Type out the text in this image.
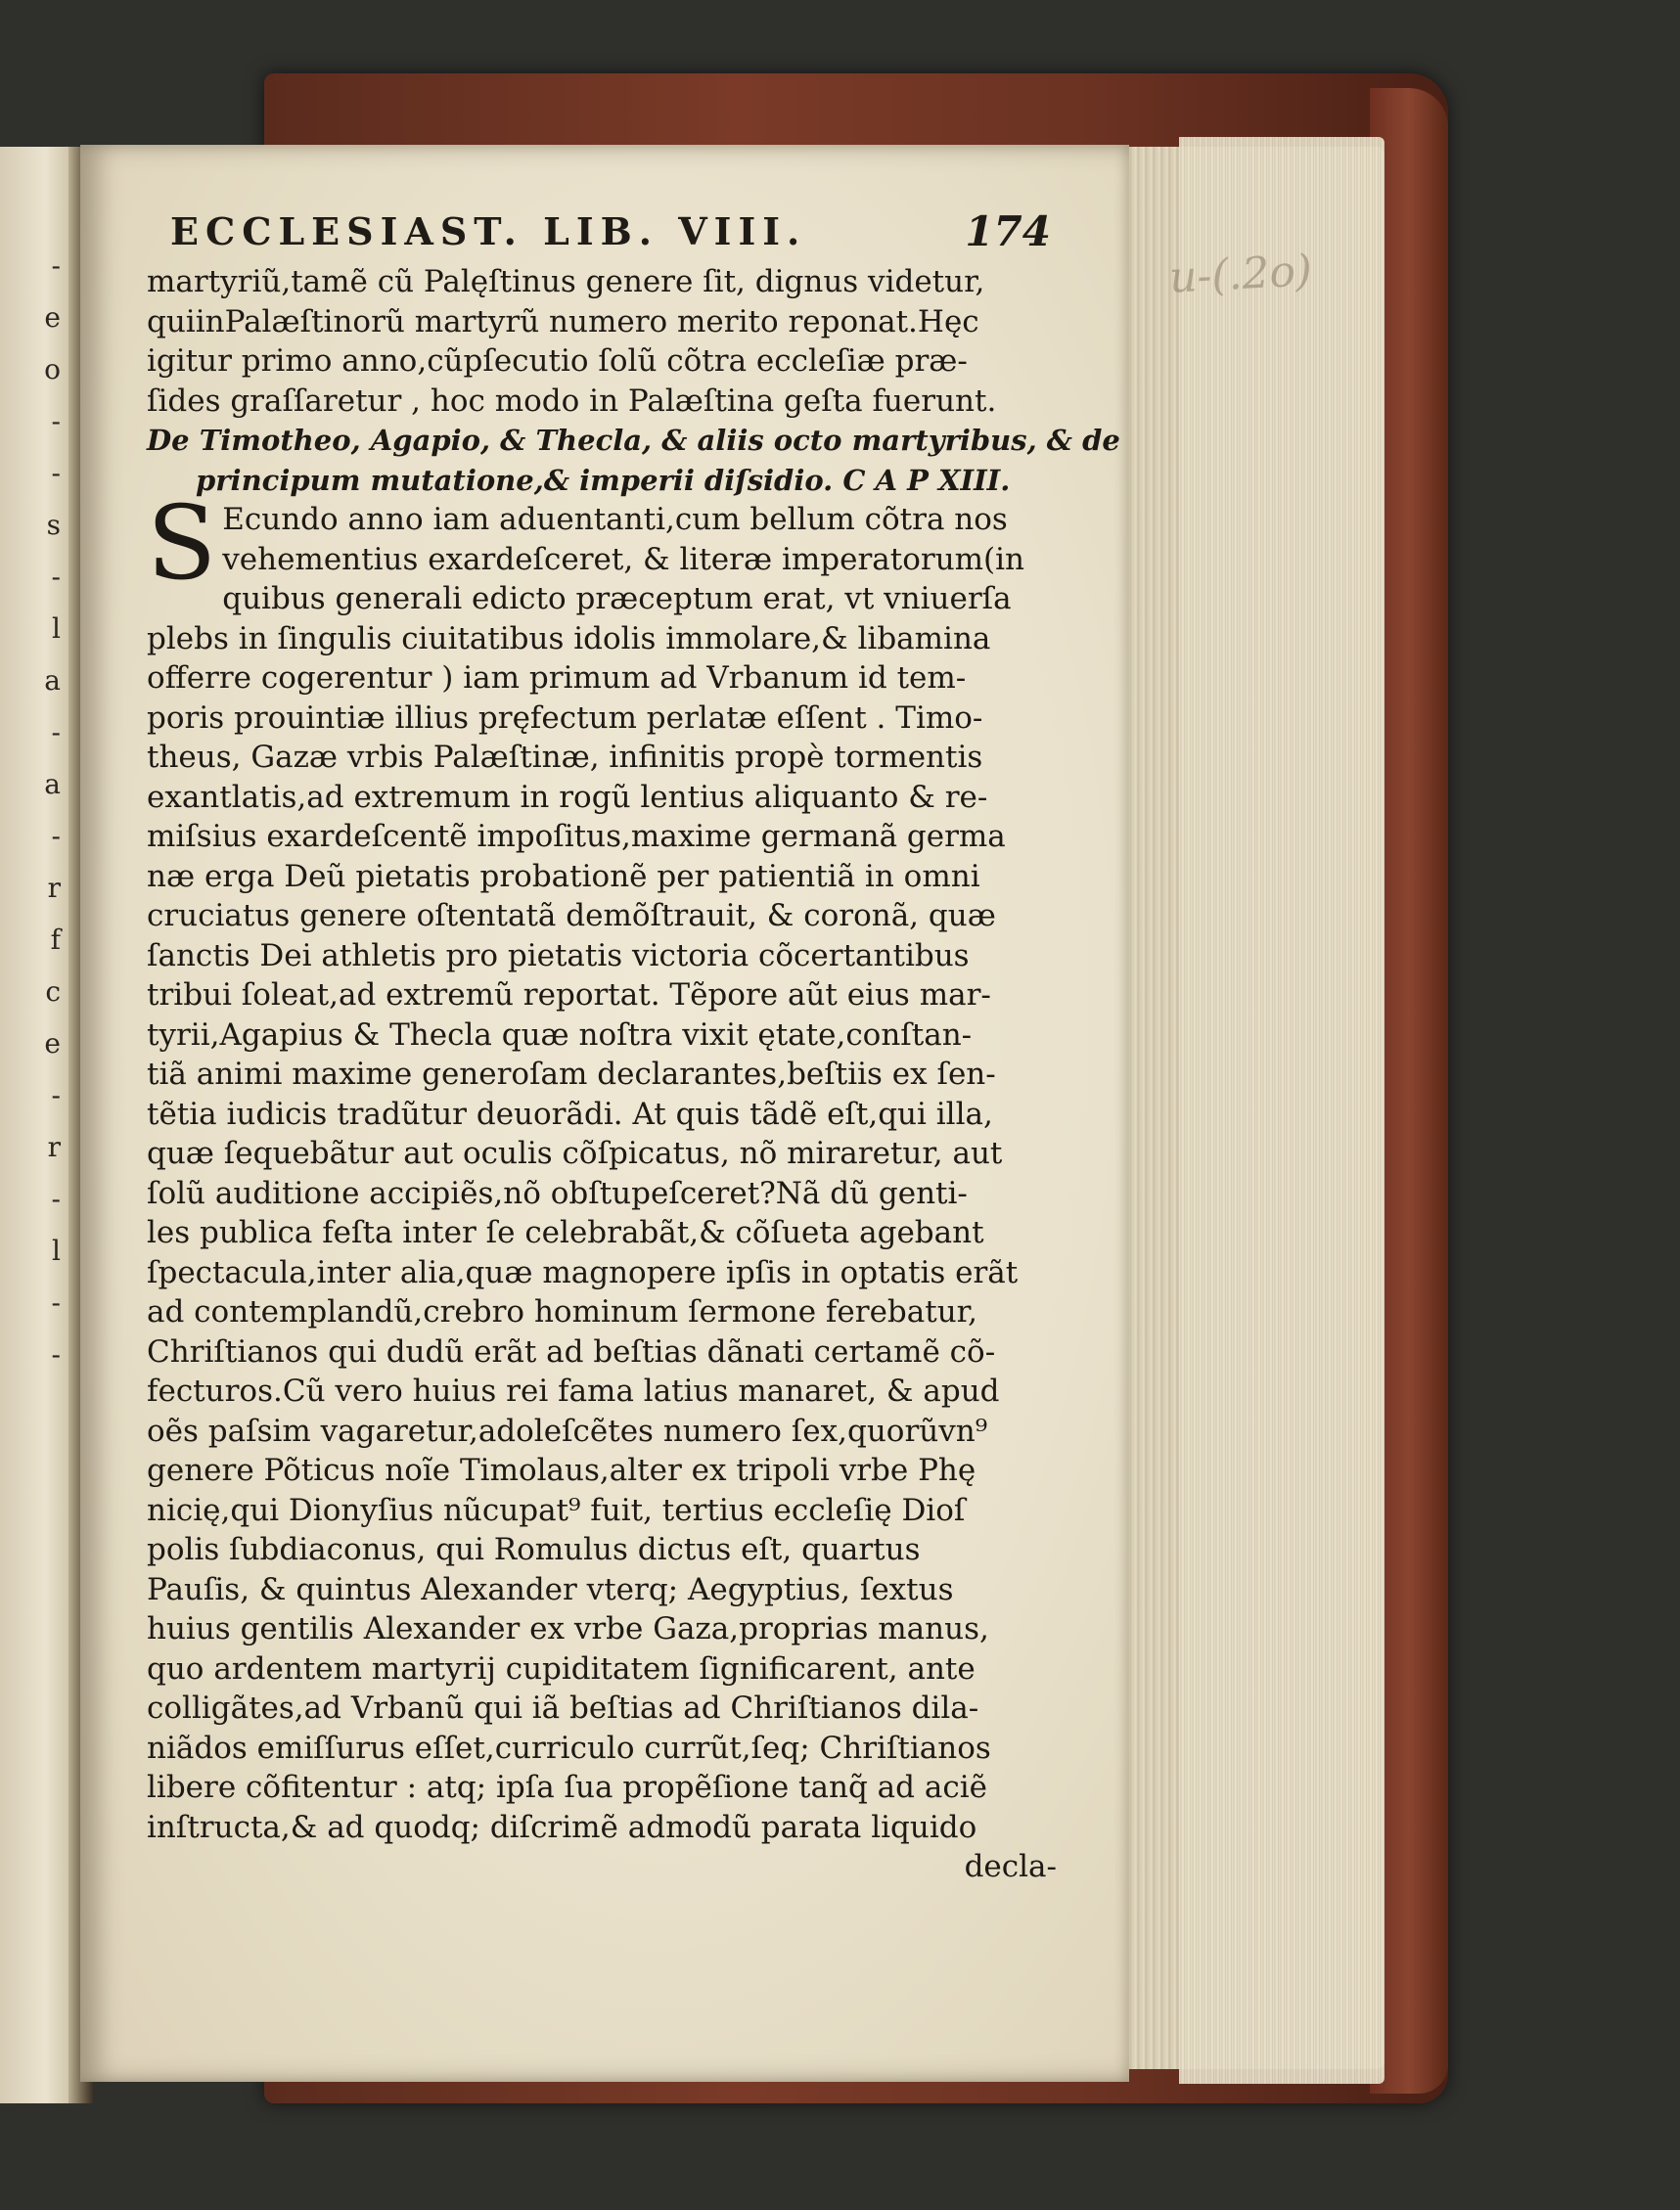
-
e
o
-
-
s
-
l
a
-
a
-
r
f
c
e
-
r
-
l
-
-
u-(.2o)
ECCLESIAST. LIB. VIII.	174
martyriũ,tamẽ cũ Palęſtinus genere ſit, dignus videtur,
quiinPalæſtinorũ martyrũ numero merito reponat.Hęc
igitur primo anno,cũpſecutio ſolũ cõtra eccleſiæ præ-
ſides graſſaretur , hoc modo in Palæſtina geſta fuerunt.
De Timotheo, Agapio, & Thecla, & aliis octo martyribus, & de
principum mutatione,& imperii diſsidio. C A P XIII.
S Ecundo anno iam aduentanti,cum bellum cõtra nos
vehementius exardeſceret, & literæ imperatorum(in
quibus generali edicto præceptum erat, vt vniuerſa
plebs in ſingulis ciuitatibus idolis immolare,& libamina
offerre cogerentur ) iam primum ad Vrbanum id tem-
poris prouintiæ illius pręfectum perlatæ eſſent . Timo-
theus, Gazæ vrbis Palæſtinæ, infinitis propè tormentis
exantlatis,ad extremum in rogũ lentius aliquanto & re-
miſsius exardeſcentẽ impoſitus,maxime germanã germa
næ erga Deũ pietatis probationẽ per patientiã in omni
cruciatus genere oſtentatã demõſtrauit, & coronã, quæ
ſanctis Dei athletis pro pietatis victoria cõcertantibus
tribui ſoleat,ad extremũ reportat. Tẽpore aũt eius mar-
tyrii,Agapius & Thecla quæ noſtra vixit ętate,conſtan-
tiã animi maxime generoſam declarantes,beſtiis ex ſen-
tẽtia iudicis tradũtur deuorãdi. At quis tãdẽ eſt,qui illa,
quæ ſequebãtur aut oculis cõſpicatus, nõ miraretur, aut
ſolũ auditione accipiẽs,nõ obſtupeſceret?Nã dũ genti-
les publica feſta inter ſe celebrabãt,& cõſueta agebant
ſpectacula,inter alia,quæ magnopere ipſis in optatis erãt
ad contemplandũ,crebro hominum ſermone ferebatur,
Chriſtianos qui dudũ erãt ad beſtias dãnati certamẽ cõ-
fecturos.Cũ vero huius rei fama latius manaret, & apud
oẽs paſsim vagaretur,adoleſcẽtes numero ſex,quorũvn⁹
genere Põticus noĩe Timolaus,alter ex tripoli vrbe Phę
nicię,qui Dionyſius nũcupat⁹ fuit, tertius eccleſię Dioſ
polis ſubdiaconus, qui Romulus dictus eſt, quartus
Pauſis, & quintus Alexander vterq; Aegyptius, ſextus
huius gentilis Alexander ex vrbe Gaza,proprias manus,
quo ardentem martyrij cupiditatem ſignificarent, ante
colligãtes,ad Vrbanũ qui iã beſtias ad Chriſtianos dila-
niãdos emiſſurus eſſet,curriculo currũt,ſeq; Chriſtianos
libere cõfitentur : atq; ipſa ſua propẽſione tanq̃ ad aciẽ
inſtructa,& ad quodq; diſcrimẽ admodũ parata liquido
decla-
